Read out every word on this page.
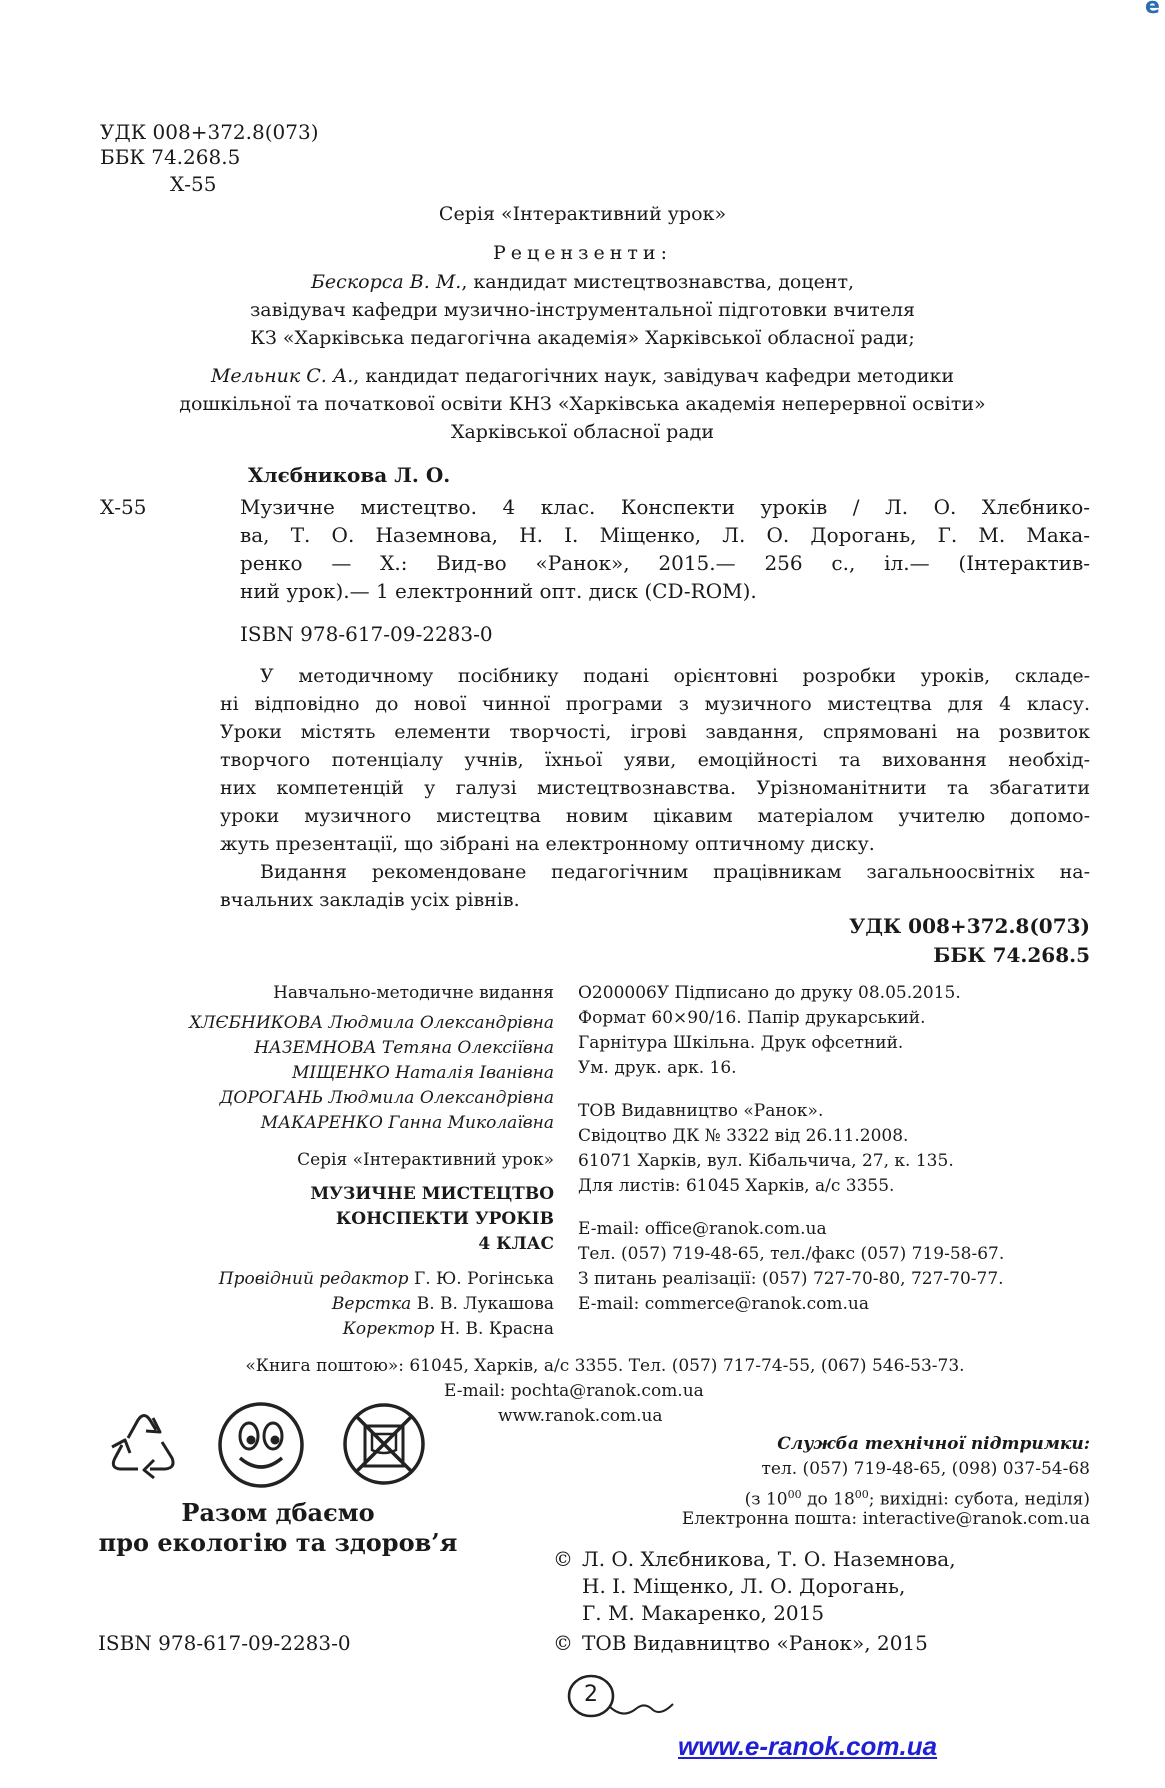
e
УДК 008+372.8(073)
ББК 74.268.5
Х-55
Серія «Інтерактивний урок»
Рецензенти:
Бескорса В. М., кандидат мистецтвознавства, доцент,
завідувач кафедри музично-інструментальної підготовки вчителя
КЗ «Харківська педагогічна академія» Харківської обласної ради;
Мельник С. А., кандидат педагогічних наук, завідувач кафедри методики
дошкільної та початкової освіти КНЗ «Харківська академія неперервної освіти»
Харківської обласної ради
Хлєбникова Л. О.
Х-55	Музичне мистецтво. 4 клас. Конспекти уроків / Л. О. Хлєбнико-
ва, Т. О. Наземнова, Н. І. Міщенко, Л. О. Дорогань, Г. М. Мака-
ренко — Х.: Вид-во «Ранок», 2015.— 256 с., іл.— (Інтерактив-
ний урок).— 1 електронний опт. диск (CD-ROM).
ISBN 978-617-09-2283-0
У методичному посібнику подані орієнтовні розробки уроків, складе-
ні відповідно до нової чинної програми з музичного мистецтва для 4 класу.
Уроки містять елементи творчості, ігрові завдання, спрямовані на розвиток
творчого потенціалу учнів, їхньої уяви, емоційності та виховання необхід-
них компетенцій у галузі мистецтвознавства. Урізноманітнити та збагатити
уроки музичного мистецтва новим цікавим матеріалом учителю допомо-
жуть презентації, що зібрані на електронному оптичному диску.
Видання рекомендоване педагогічним працівникам загальноосвітніх на-
вчальних закладів усіх рівнів.
УДК 008+372.8(073)
ББК 74.268.5
Навчально-методичне видання
ХЛЄБНИКОВА Людмила Олександрівна
НАЗЕМНОВА Тетяна Олексіївна
МІЩЕНКО Наталія Іванівна
ДОРОГАНЬ Людмила Олександрівна
МАКАРЕНКО Ганна Миколаївна
Серія «Інтерактивний урок»
МУЗИЧНЕ МИСТЕЦТВО
КОНСПЕКТИ УРОКІВ
4 КЛАС
Провідний редактор Г. Ю. Рогінська
Верстка В. В. Лукашова
Коректор Н. В. Красна
О200006У Підписано до друку 08.05.2015.
Формат 60×90/16. Папір друкарський.
Гарнітура Шкільна. Друк офсетний.
Ум. друк. арк. 16.
ТОВ Видавництво «Ранок».
Свідоцтво ДК № 3322 від 26.11.2008.
61071 Харків, вул. Кібальчича, 27, к. 135.
Для листів: 61045 Харків, а/с 3355.
E-mail: office@ranok.com.ua
Тел. (057) 719-48-65, тел./факс (057) 719-58-67.
З питань реалізації: (057) 727-70-80, 727-70-77.
E-mail: commerce@ranok.com.ua
«Книга поштою»: 61045, Харків, а/с 3355. Тел. (057) 717-74-55, (067) 546-53-73.
E-mail: pochta@ranok.com.ua
www.ranok.com.ua
Разом дбаємо
про екологію та здоров’я
Служба технічної підтримки:
тел. (057) 719-48-65, (098) 037-54-68
(з $10^{00}$ до $18^{00}$; вихідні: субота, неділя)
Електронна пошта: interactive@ranok.com.ua
© Л. О. Хлєбникова, Т. О. Наземнова,
Н. І. Міщенко, Л. О. Дорогань,
Г. М. Макаренко, 2015
© ТОВ Видавництво «Ранок», 2015
ISBN 978-617-09-2283-0
2
www.e-ranok.com.ua
